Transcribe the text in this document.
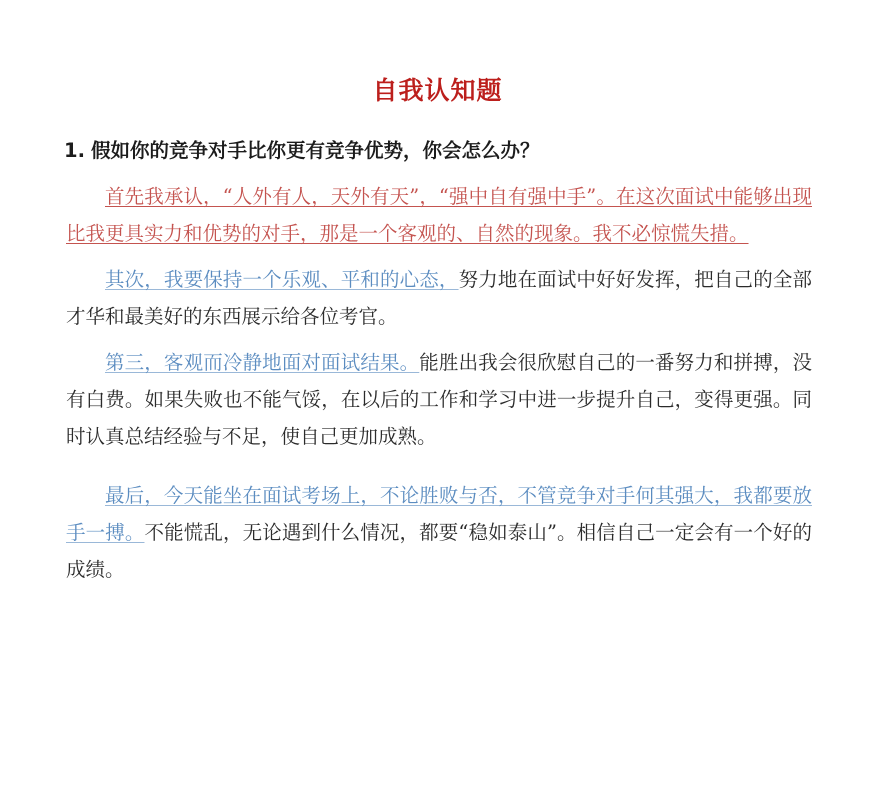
自我认知题
1. 假如你的竞争对手比你更有竞争优势，你会怎么办？

首先我承认，“人外有人，天外有天”，“强中自有强中手”。在这次面试中能够出现比我更具实力和优势的对手，那是一个客观的、自然的现象。我不必惊慌失措。

其次，我要保持一个乐观、平和的心态，努力地在面试中好好发挥，把自己的全部才华和最美好的东西展示给各位考官。

第三，客观而冷静地面对面试结果。能胜出我会很欣慰自己的一番努力和拼搏，没有白费。如果失败也不能气馁，在以后的工作和学习中进一步提升自己，变得更强。同时认真总结经验与不足，使自己更加成熟。

最后，今天能坐在面试考场上，不论胜败与否，不管竞争对手何其强大，我都要放手一搏。不能慌乱，无论遇到什么情况，都要“稳如泰山”。相信自己一定会有一个好的成绩。
